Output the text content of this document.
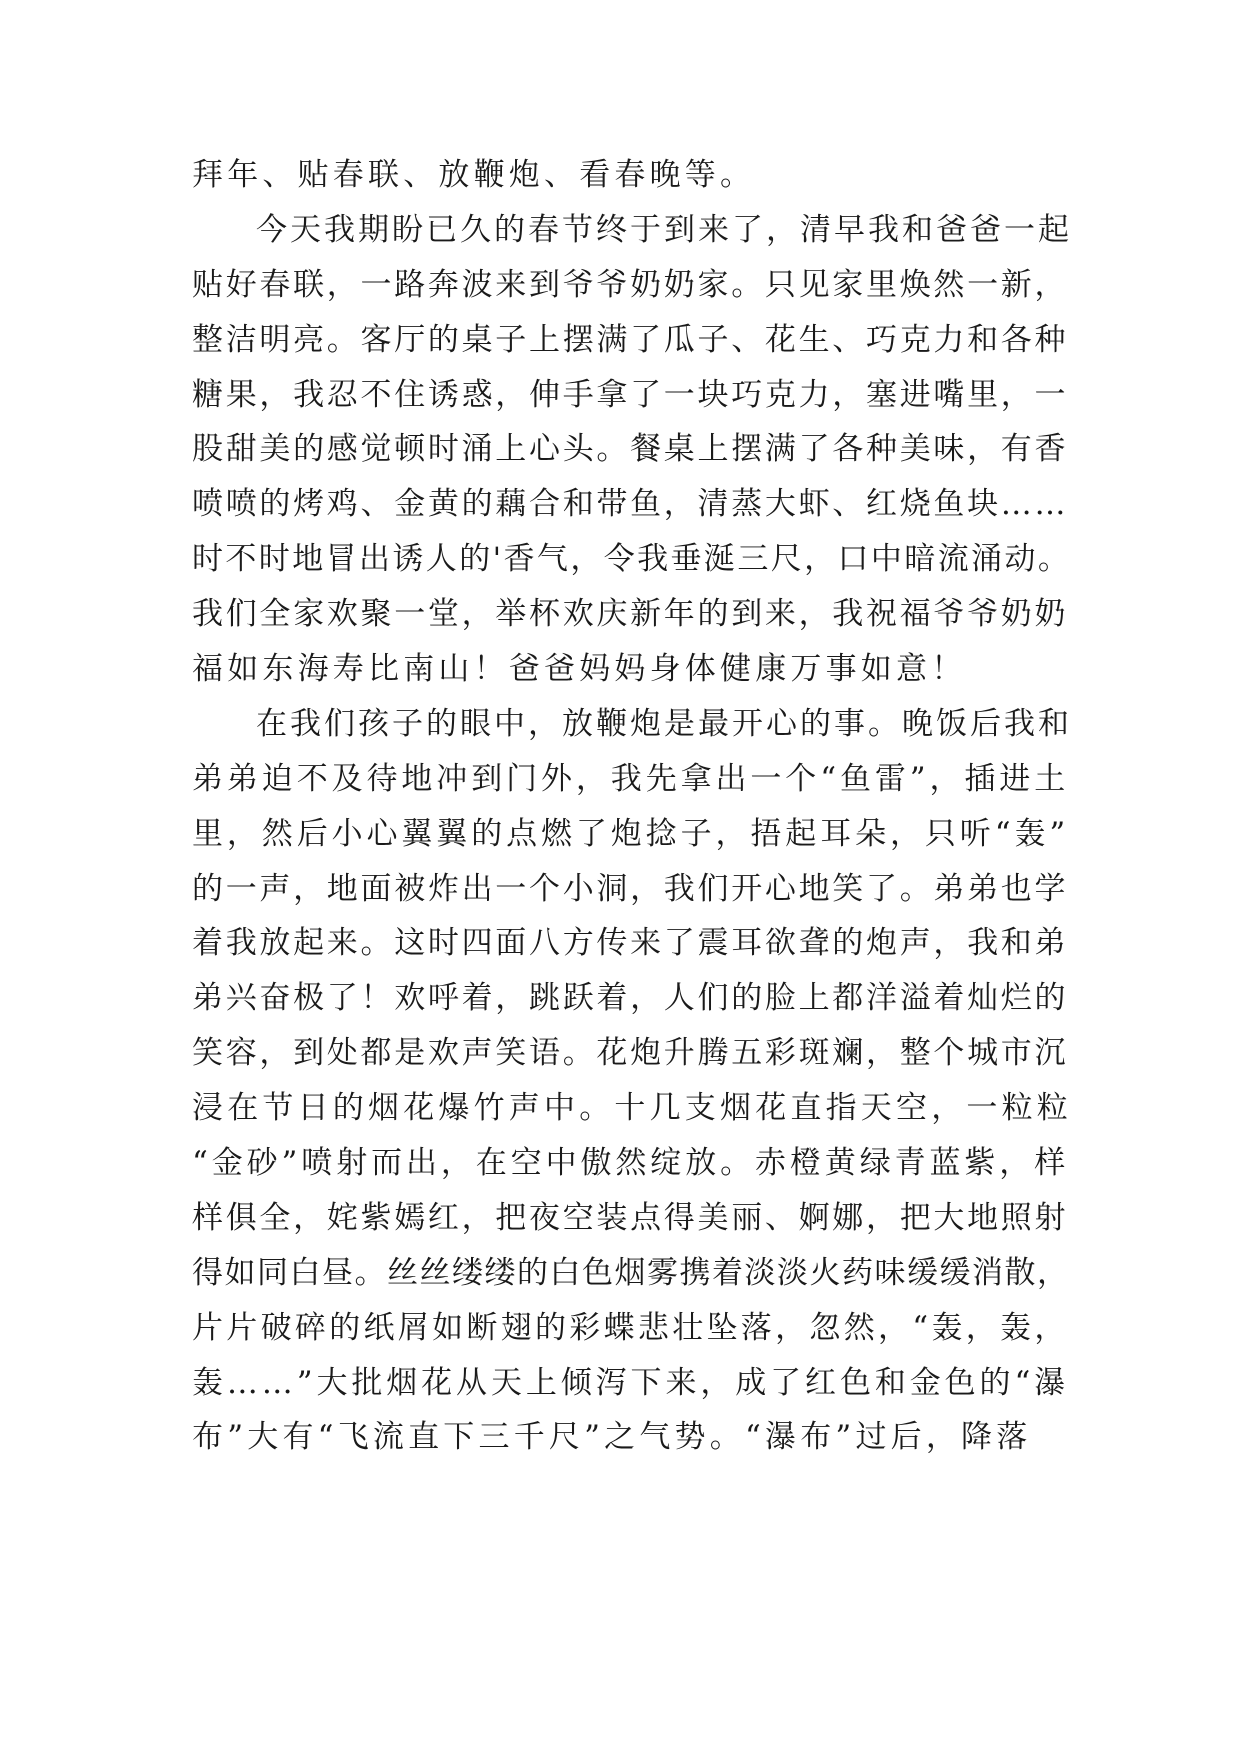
拜年、贴春联、放鞭炮、看春晚等。
今天我期盼已久的春节终于到来了，清早我和爸爸一起
贴好春联，一路奔波来到爷爷奶奶家。只见家里焕然一新，
整洁明亮。客厅的桌子上摆满了瓜子、花生、巧克力和各种
糖果，我忍不住诱惑，伸手拿了一块巧克力，塞进嘴里，一
股甜美的感觉顿时涌上心头。餐桌上摆满了各种美味，有香
喷喷的烤鸡、金黄的藕合和带鱼，清蒸大虾、红烧鱼块……
时不时地冒出诱人的'香气，令我垂涎三尺，口中暗流涌动。
我们全家欢聚一堂，举杯欢庆新年的到来，我祝福爷爷奶奶
福如东海寿比南山！爸爸妈妈身体健康万事如意！
在我们孩子的眼中，放鞭炮是最开心的事。晚饭后我和
弟弟迫不及待地冲到门外，我先拿出一个“鱼雷”，插进土
里，然后小心翼翼的点燃了炮捻子，捂起耳朵，只听“轰”
的一声，地面被炸出一个小洞，我们开心地笑了。弟弟也学
着我放起来。这时四面八方传来了震耳欲聋的炮声，我和弟
弟兴奋极了！欢呼着，跳跃着，人们的脸上都洋溢着灿烂的
笑容，到处都是欢声笑语。花炮升腾五彩斑斓，整个城市沉
浸在节日的烟花爆竹声中。十几支烟花直指天空，一粒粒
“金砂”喷射而出，在空中傲然绽放。赤橙黄绿青蓝紫，样
样俱全，姹紫嫣红，把夜空装点得美丽、婀娜，把大地照射
得如同白昼。丝丝缕缕的白色烟雾携着淡淡火药味缓缓消散，
片片破碎的纸屑如断翅的彩蝶悲壮坠落，忽然，“轰，轰，
轰……”大批烟花从天上倾泻下来，成了红色和金色的“瀑
布”大有“飞流直下三千尺”之气势。“瀑布”过后，降落
